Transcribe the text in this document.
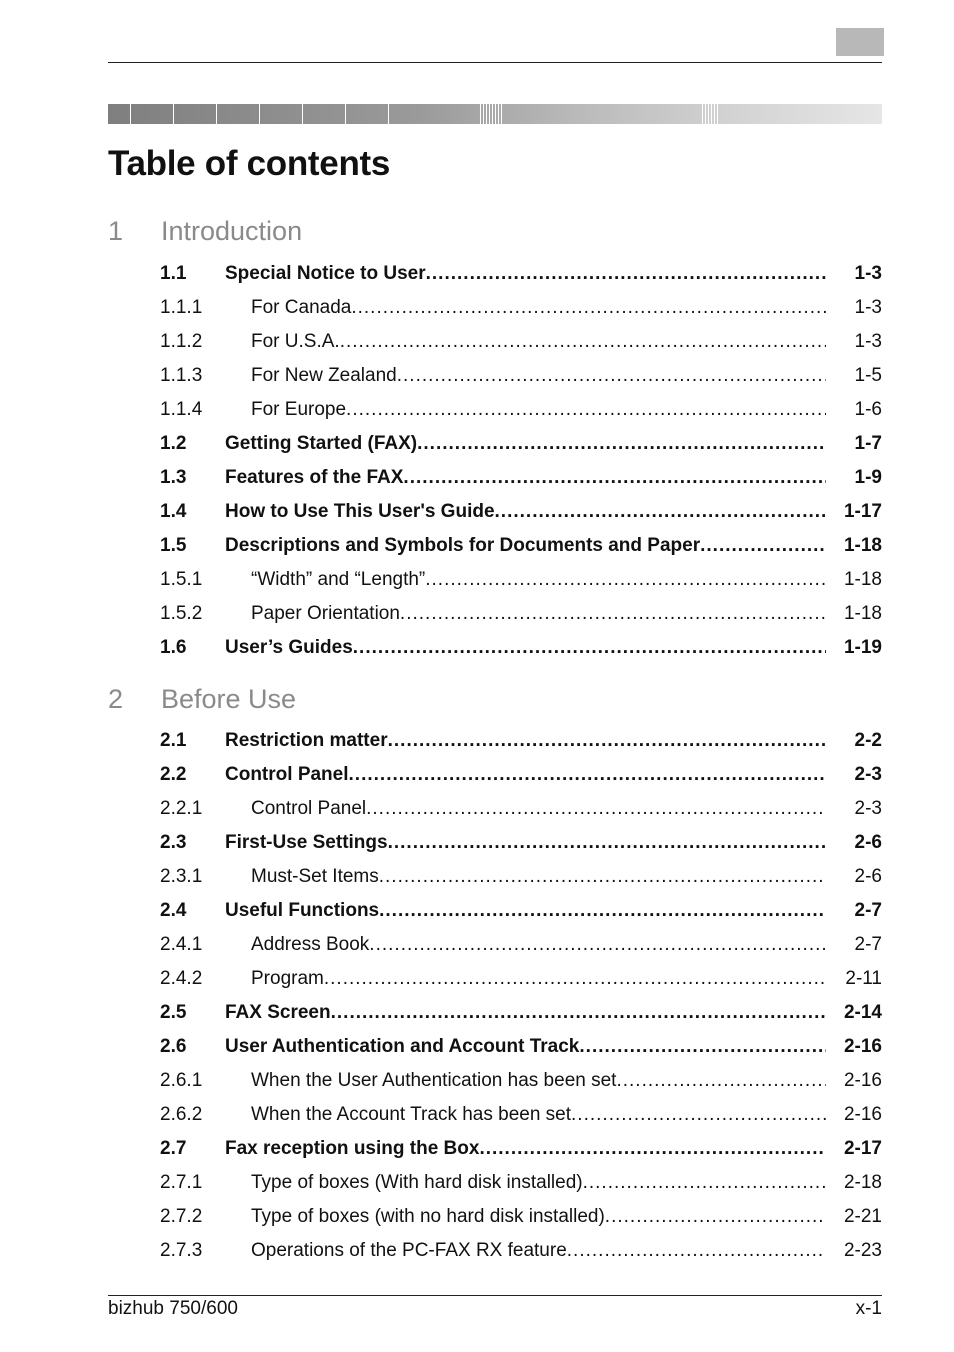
Table of contents
1 Introduction
1.1 Special Notice to User .....	1-3
1.1.1	For Canada .....	1-3
1.1.2	For U.S.A. .....	1-3
1.1.3	For New Zealand .....	1-5
1.1.4	For Europe .....	1-6
1.2 Getting Started (FAX) .....	1-7
1.3 Features of the FAX .....	1-9
1.4 How to Use This User's Guide .....	1-17
1.5 Descriptions and Symbols for Documents and Paper .....	1-18
1.5.1	“Width” and “Length” .....	1-18
1.5.2	Paper Orientation .....	1-18
1.6 User’s Guides .....	1-19
2 Before Use
2.1 Restriction matter .....	2-2
2.2 Control Panel .....	2-3
2.2.1	Control Panel .....	2-3
2.3 First-Use Settings .....	2-6
2.3.1	Must-Set Items .....	2-6
2.4 Useful Functions .....	2-7
2.4.1	Address Book .....	2-7
2.4.2	Program .....	2-11
2.5 FAX Screen .....	2-14
2.6 User Authentication and Account Track .....	2-16
2.6.1	When the User Authentication has been set .....	2-16
2.6.2	When the Account Track has been set .....	2-16
2.7 Fax reception using the Box .....	2-17
2.7.1	Type of boxes (With hard disk installed) .....	2-18
2.7.2	Type of boxes (with no hard disk installed) .....	2-21
2.7.3	Operations of the PC-FAX RX feature .....	2-23
bizhub 750/600	x-1
